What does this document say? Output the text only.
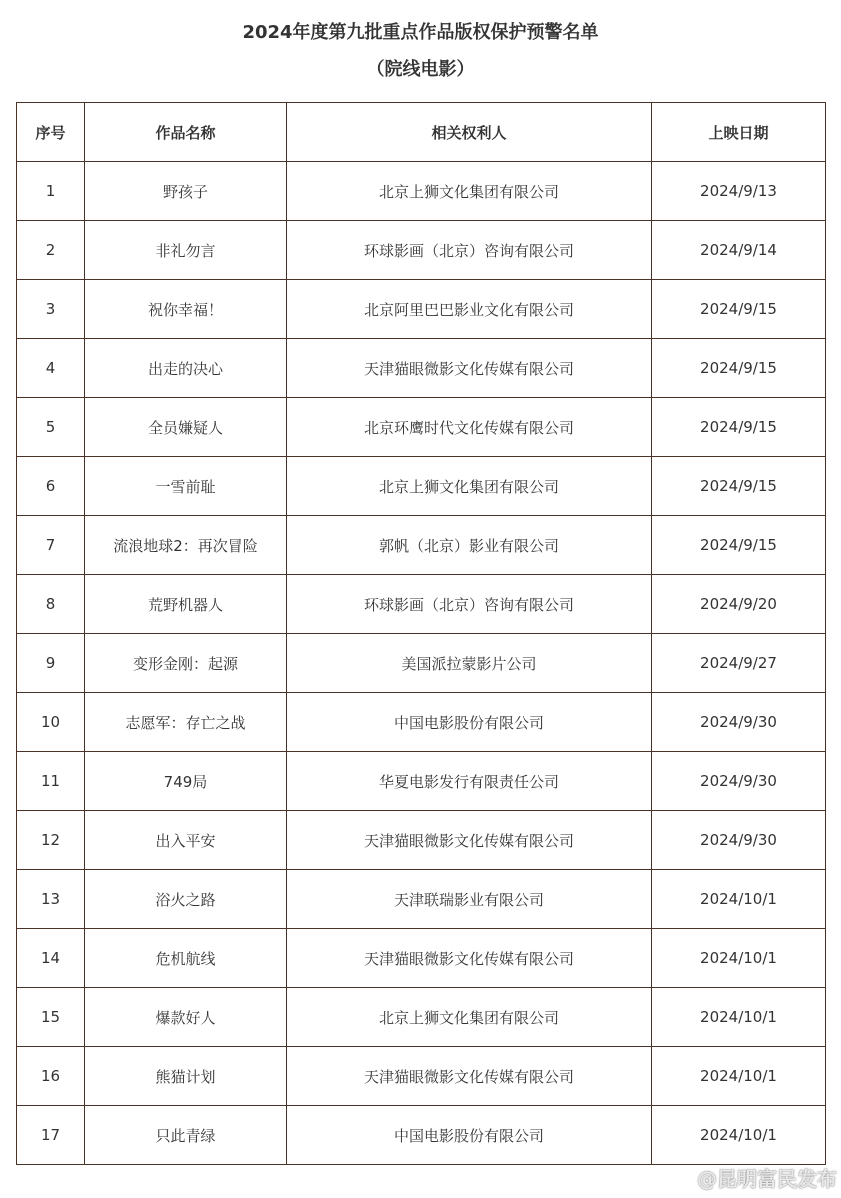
2024年度第九批重点作品版权保护预警名单
（院线电影）
序号	作品名称	相关权利人	上映日期
1	野孩子	北京上狮文化集团有限公司	2024/9/13
2	非礼勿言	环球影画（北京）咨询有限公司	2024/9/14
3	祝你幸福！	北京阿里巴巴影业文化有限公司	2024/9/15
4	出走的决心	天津猫眼微影文化传媒有限公司	2024/9/15
5	全员嫌疑人	北京环鹰时代文化传媒有限公司	2024/9/15
6	一雪前耻	北京上狮文化集团有限公司	2024/9/15
7	流浪地球2：再次冒险	郭帆（北京）影业有限公司	2024/9/15
8	荒野机器人	环球影画（北京）咨询有限公司	2024/9/20
9	变形金刚：起源	美国派拉蒙影片公司	2024/9/27
10	志愿军：存亡之战	中国电影股份有限公司	2024/9/30
11	749局	华夏电影发行有限责任公司	2024/9/30
12	出入平安	天津猫眼微影文化传媒有限公司	2024/9/30
13	浴火之路	天津联瑞影业有限公司	2024/10/1
14	危机航线	天津猫眼微影文化传媒有限公司	2024/10/1
15	爆款好人	北京上狮文化集团有限公司	2024/10/1
16	熊猫计划	天津猫眼微影文化传媒有限公司	2024/10/1
17	只此青绿	中国电影股份有限公司	2024/10/1
@昆明富民发布
